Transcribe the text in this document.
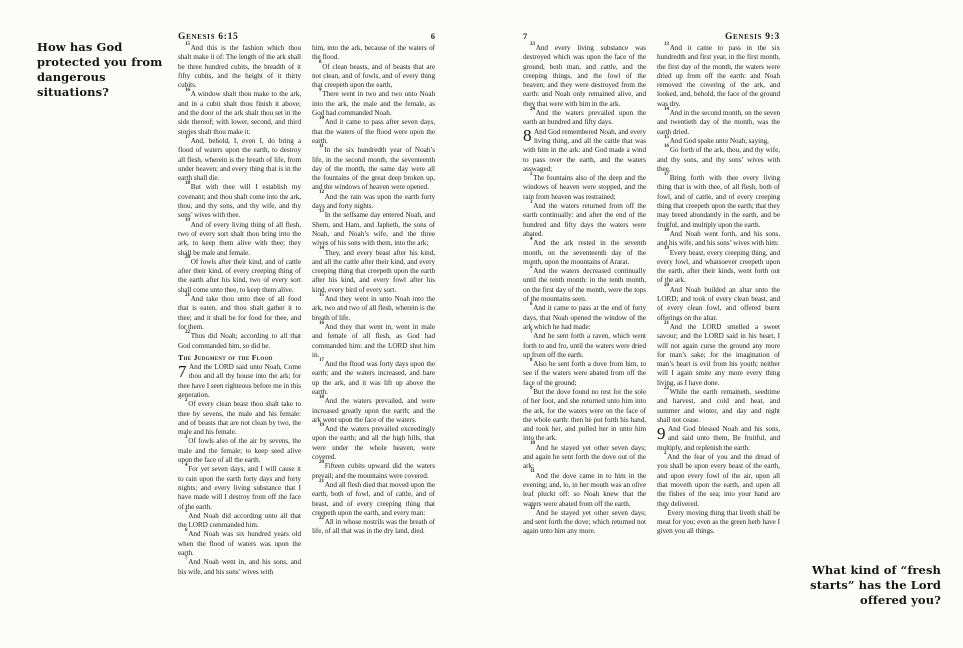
How has God protected you from dangerous situations?
What kind of “fresh starts” has the Lord offered you?
Genesis 6:15	6	7	Genesis 9:3

$^{15}$And this is the fashion which thou shalt make it of: The length of the ark shall be three hundred cubits, the breadth of it fifty cubits, and the height of it thirty cubits.

$^{16}$A window shalt thou make to the ark, and in a cubit shalt thou finish it above; and the door of the ark shalt thou set in the side thereof; with lower, second, and third stories shalt thou make it.

$^{17}$And, behold, I, even I, do bring a flood of waters upon the earth, to destroy all flesh, wherein is the breath of life, from under heaven; and every thing that is in the earth shall die.

$^{18}$But with thee will I establish my covenant; and thou shalt come into the ark, thou, and thy sons, and thy wife, and thy sons’ wives with thee.

$^{19}$And of every living thing of all flesh, two of every sort shalt thou bring into the ark, to keep them alive with thee; they shall be male and female.

$^{20}$Of fowls after their kind, and of cattle after their kind, of every creeping thing of the earth after his kind, two of every sort shall come unto thee, to keep them alive.

$^{21}$And take thou unto thee of all food that is eaten, and thou shalt gather it to thee; and it shall be for food for thee, and for them.

$^{22}$Thus did Noah; according to all that God commanded him, so did he.

The Judgment of the Flood

7 And the LORD said unto Noah, Come thou and all thy house into the ark; for thee have I seen righteous before me in this generation.

$^2$Of every clean beast thou shalt take to thee by sevens, the male and his female: and of beasts that are not clean by two, the male and his female.

$^3$Of fowls also of the air by sevens, the male and the female; to keep seed alive upon the face of all the earth.

$^4$For yet seven days, and I will cause it to rain upon the earth forty days and forty nights; and every living substance that I have made will I destroy from off the face of the earth.

$^5$And Noah did according unto all that the LORD commanded him.

$^6$And Noah was six hundred years old when the flood of waters was upon the earth.

$^7$And Noah went in, and his sons, and his wife, and his sons’ wives with

him, into the ark, because of the waters of the flood.

$^8$Of clean beasts, and of beasts that are not clean, and of fowls, and of every thing that creepeth upon the earth,

$^9$There went in two and two unto Noah into the ark, the male and the female, as God had commanded Noah.

$^{10}$And it came to pass after seven days, that the waters of the flood were upon the earth.

$^{11}$In the six hundredth year of Noah’s life, in the second month, the seventeenth day of the month, the same day were all the fountains of the great deep broken up, and the windows of heaven were opened.

$^{12}$And the rain was upon the earth forty days and forty nights.

$^{13}$In the selfsame day entered Noah, and Shem, and Ham, and Japheth, the sons of Noah, and Noah’s wife, and the three wives of his sons with them, into the ark;

$^{14}$They, and every beast after his kind, and all the cattle after their kind, and every creeping thing that creepeth upon the earth after his kind, and every fowl after his kind, every bird of every sort.

$^{15}$And they went in unto Noah into the ark, two and two of all flesh, wherein is the breath of life.

$^{16}$And they that went in, went in male and female of all flesh, as God had commanded him: and the LORD shut him in.

$^{17}$And the flood was forty days upon the earth; and the waters increased, and bare up the ark, and it was lift up above the earth.

$^{18}$And the waters prevailed, and were increased greatly upon the earth; and the ark went upon the face of the waters.

$^{19}$And the waters prevailed exceedingly upon the earth; and all the high hills, that were under the whole heaven, were covered.

$^{20}$Fifteen cubits upward did the waters prevail; and the mountains were covered.

$^{21}$And all flesh died that moved upon the earth, both of fowl, and of cattle, and of beast, and of every creeping thing that creepeth upon the earth, and every man:

$^{22}$All in whose nostrils was the breath of life, of all that was in the dry land, died.

$^{23}$And every living substance was destroyed which was upon the face of the ground, both man, and cattle, and the creeping things, and the fowl of the heaven; and they were destroyed from the earth: and Noah only remained alive, and they that were with him in the ark.

$^{24}$And the waters prevailed upon the earth an hundred and fifty days.

8 And God remembered Noah, and every living thing, and all the cattle that was with him in the ark: and God made a wind to pass over the earth, and the waters asswaged;

$^2$The fountains also of the deep and the windows of heaven were stopped, and the rain from heaven was restrained;

$^3$And the waters returned from off the earth continually: and after the end of the hundred and fifty days the waters were abated.

$^4$And the ark rested in the seventh month, on the seventeenth day of the month, upon the mountains of Ararat.

$^5$And the waters decreased continually until the tenth month: in the tenth month, on the first day of the month, were the tops of the mountains seen.

$^6$And it came to pass at the end of forty days, that Noah opened the window of the ark which he had made:

$^7$And he sent forth a raven, which went forth to and fro, until the waters were dried up from off the earth.

$^8$Also he sent forth a dove from him, to see if the waters were abated from off the face of the ground;

$^9$But the dove found no rest for the sole of her foot, and she returned unto him into the ark, for the waters were on the face of the whole earth: then he put forth his hand, and took her, and pulled her in unto him into the ark.

$^{10}$And he stayed yet other seven days; and again he sent forth the dove out of the ark;

$^{11}$And the dove came in to him in the evening; and, lo, in her mouth was an olive leaf pluckt off: so Noah knew that the waters were abated from off the earth.

$^{12}$And he stayed yet other seven days; and sent forth the dove; which returned not again unto him any more.

$^{13}$And it came to pass in the six hundredth and first year, in the first month, the first day of the month, the waters were dried up from off the earth: and Noah removed the covering of the ark, and looked, and, behold, the face of the ground was dry.

$^{14}$And in the second month, on the seven and twentieth day of the month, was the earth dried.

$^{15}$And God spake unto Noah, saying,

$^{16}$Go forth of the ark, thou, and thy wife, and thy sons, and thy sons’ wives with thee.

$^{17}$Bring forth with thee every living thing that is with thee, of all flesh, both of fowl, and of cattle, and of every creeping thing that creepeth upon the earth; that they may breed abundantly in the earth, and be fruitful, and multiply upon the earth.

$^{18}$And Noah went forth, and his sons, and his wife, and his sons’ wives with him:

$^{19}$Every beast, every creeping thing, and every fowl, and whatsoever creepeth upon the earth, after their kinds, went forth out of the ark.

$^{20}$And Noah builded an altar unto the LORD; and took of every clean beast, and of every clean fowl, and offered burnt offerings on the altar.

$^{21}$And the LORD smelled a sweet savour; and the LORD said in his heart, I will not again curse the ground any more for man’s sake; for the imagination of man’s heart is evil from his youth; neither will I again smite any more every thing living, as I have done.

$^{22}$While the earth remaineth, seedtime and harvest, and cold and heat, and summer and winter, and day and night shall not cease.

9 And God blessed Noah and his sons, and said unto them, Be fruitful, and multiply, and replenish the earth.

$^2$And the fear of you and the dread of you shall be upon every beast of the earth, and upon every fowl of the air, upon all that moveth upon the earth, and upon all the fishes of the sea; into your hand are they delivered.

$^3$Every moving thing that liveth shall be meat for you; even as the green herb have I given you all things.
